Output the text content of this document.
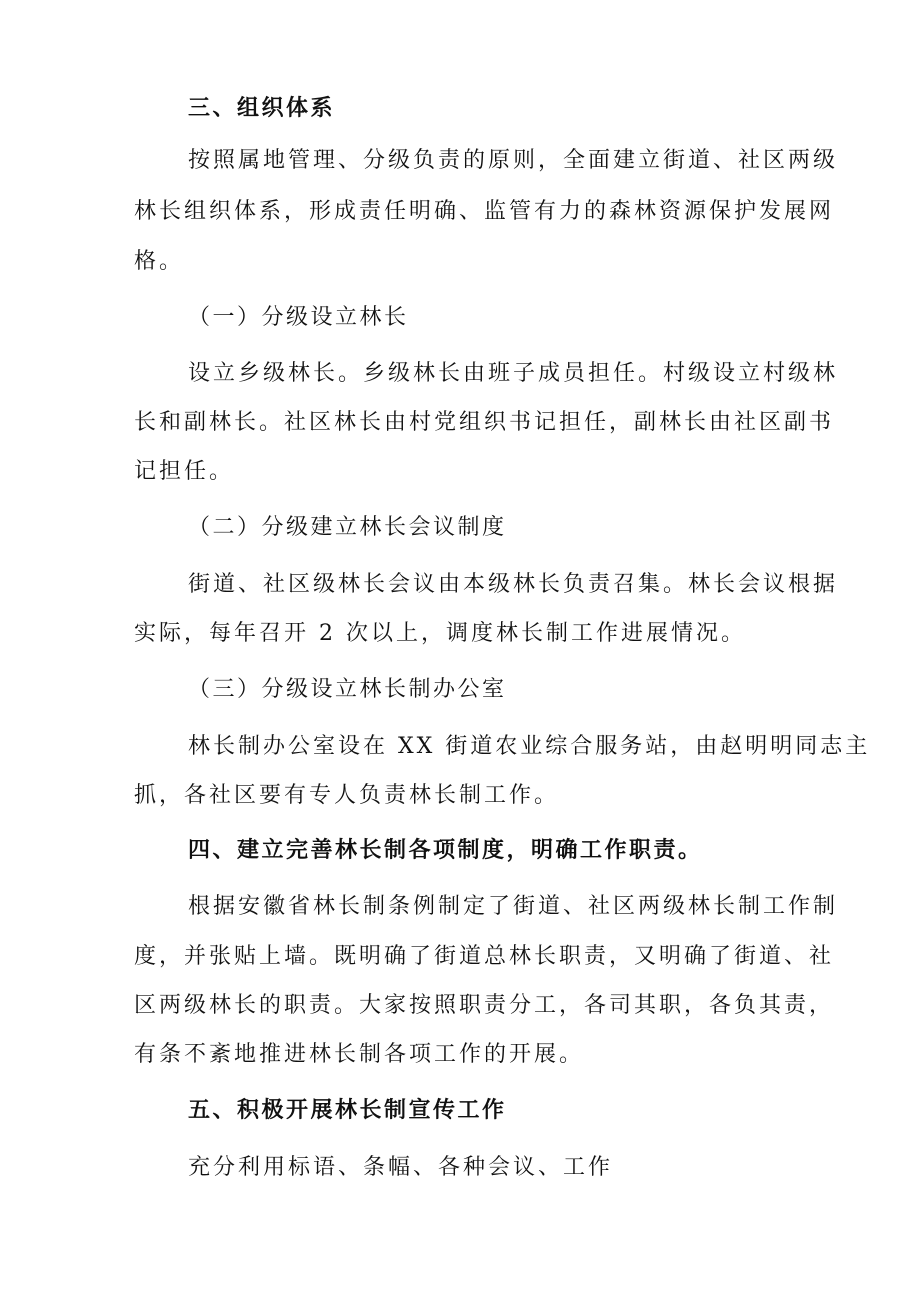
三、组织体系

按照属地管理、分级负责的原则，全面建立街道、社区两级

林长组织体系，形成责任明确、监管有力的森林资源保护发展网

格。

（一）分级设立林长

设立乡级林长。乡级林长由班子成员担任。村级设立村级林

长和副林长。社区林长由村党组织书记担任，副林长由社区副书

记担任。

（二）分级建立林长会议制度

街道、社区级林长会议由本级林长负责召集。林长会议根据

实际，每年召开 2 次以上，调度林长制工作进展情况。

（三）分级设立林长制办公室

林长制办公室设在 XX 街道农业综合服务站，由赵明明同志主

抓，各社区要有专人负责林长制工作。

四、建立完善林长制各项制度，明确工作职责。

根据安徽省林长制条例制定了街道、社区两级林长制工作制

度，并张贴上墙。既明确了街道总林长职责，又明确了街道、社

区两级林长的职责。大家按照职责分工，各司其职，各负其责，

有条不紊地推进林长制各项工作的开展。

五、积极开展林长制宣传工作

充分利用标语、条幅、各种会议、工作
